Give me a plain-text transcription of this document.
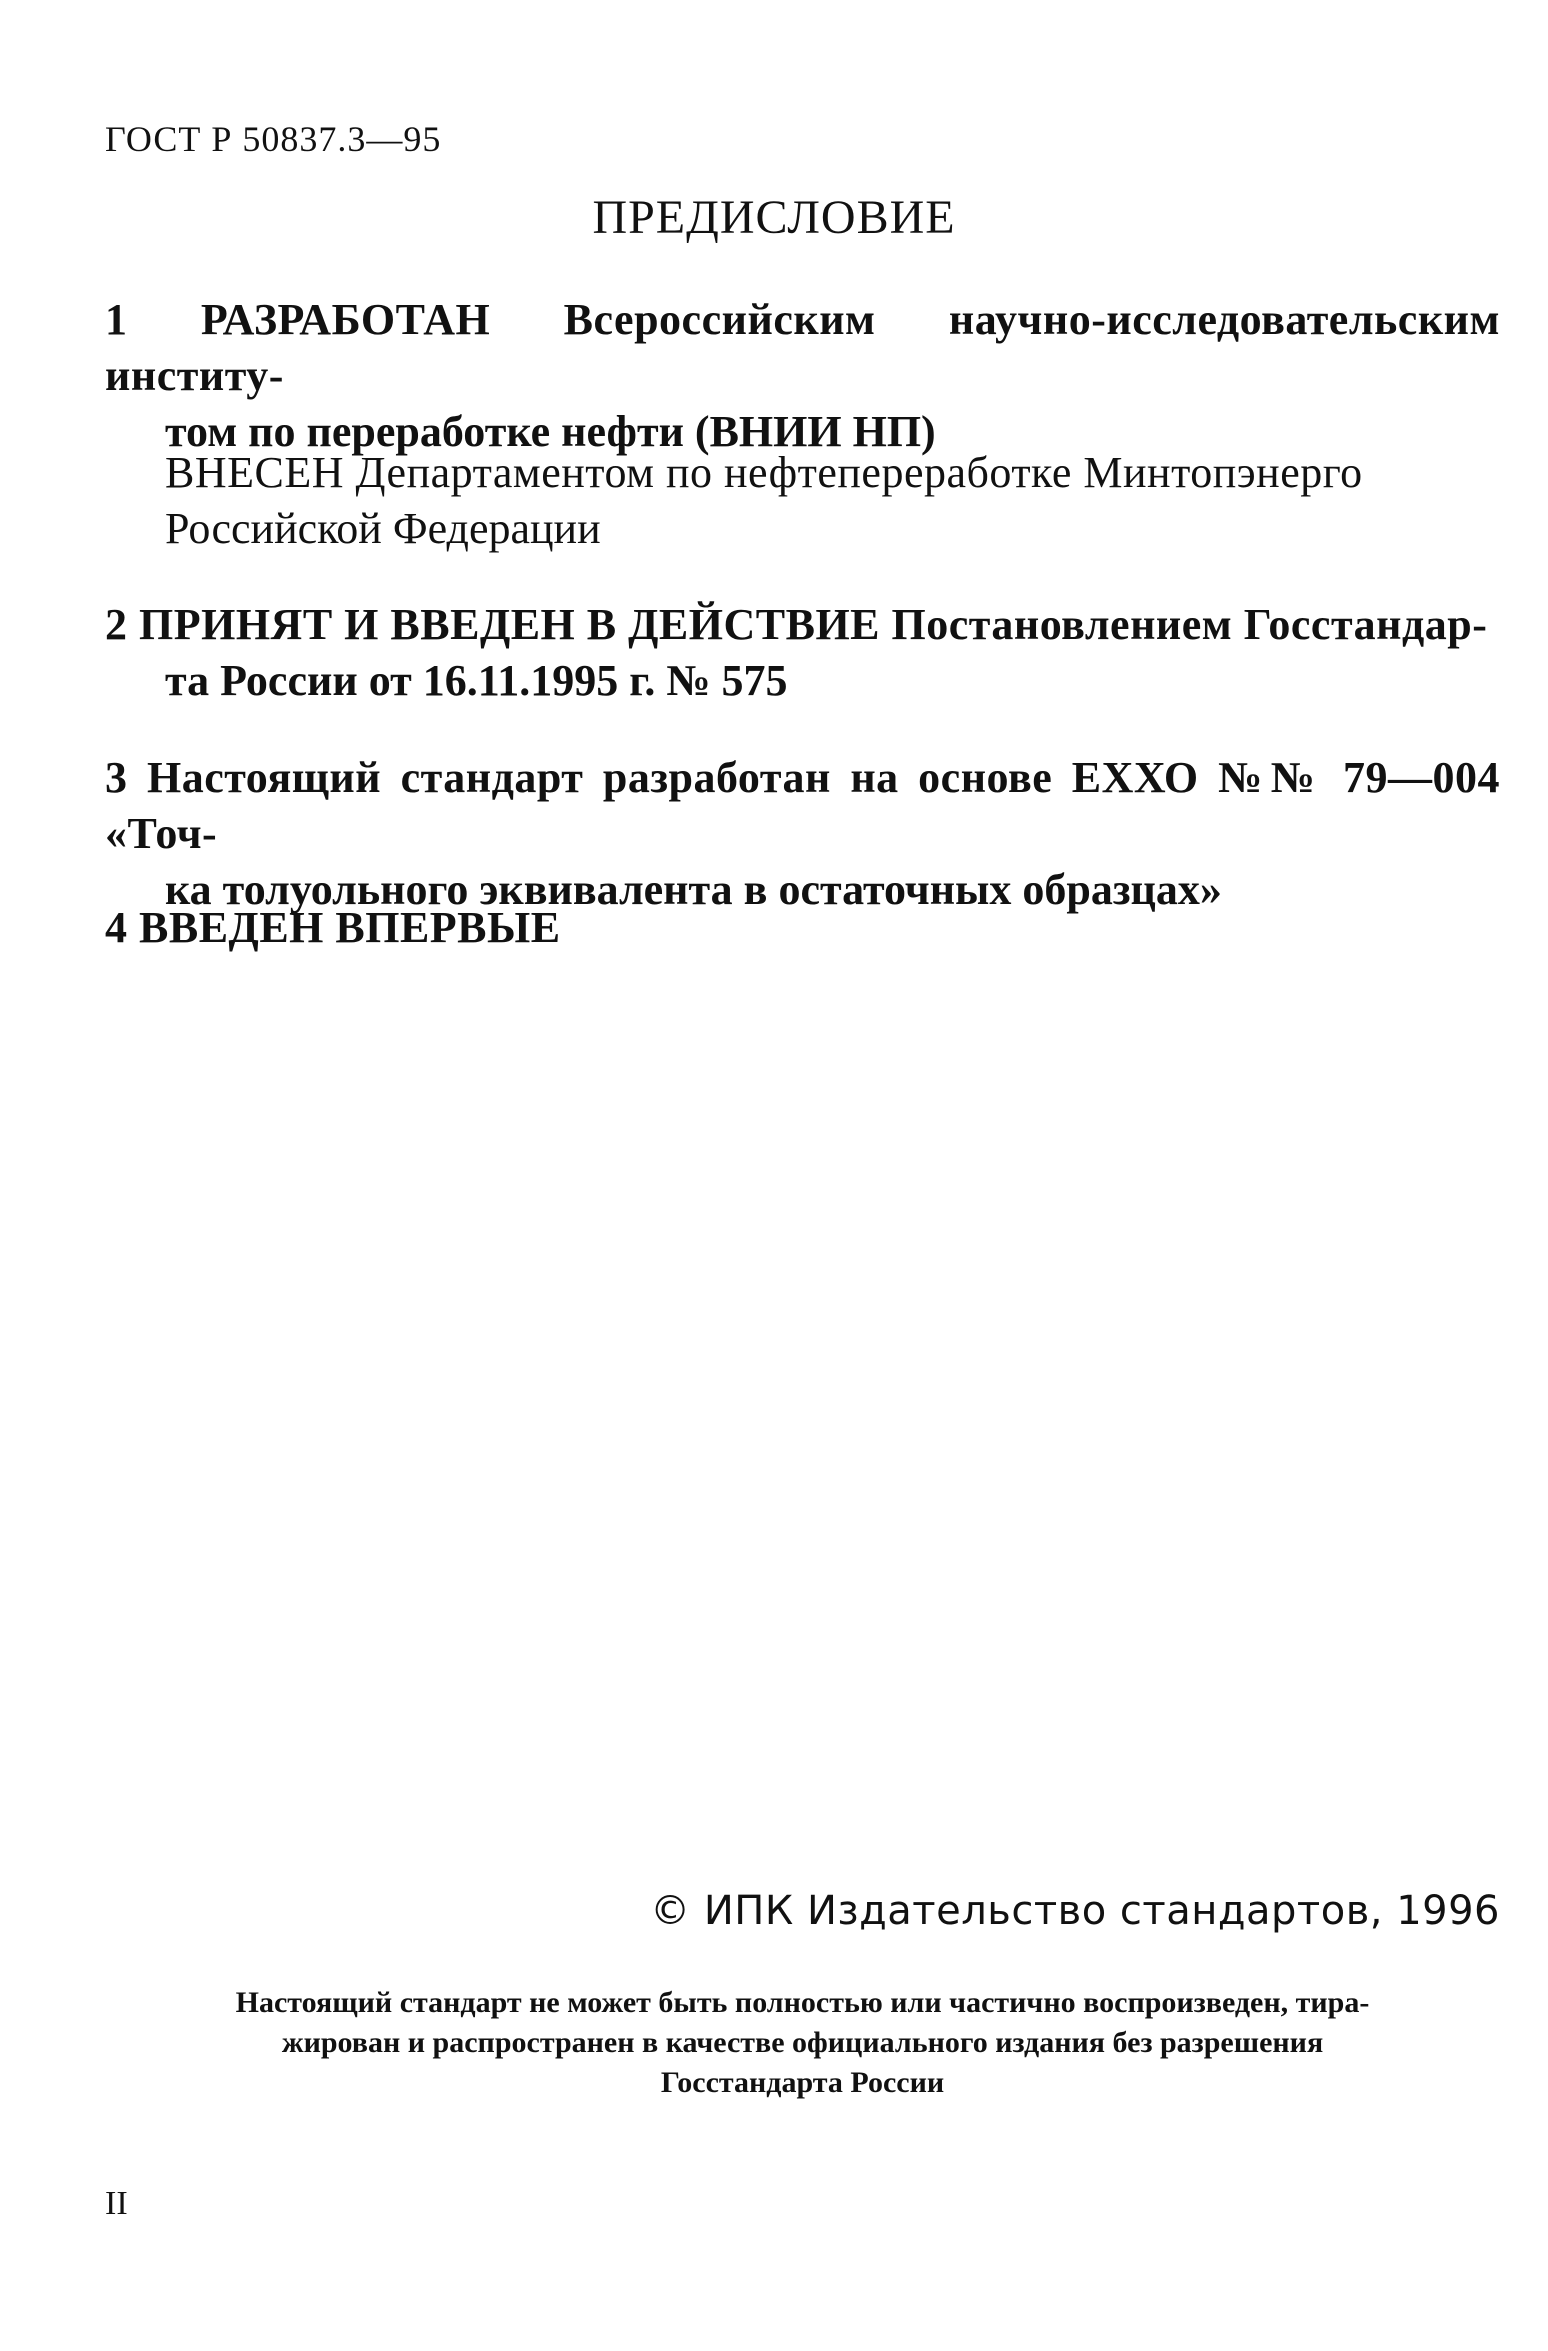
ГОСТ Р 50837.3—95
ПРЕДИСЛОВИЕ
1 РАЗРАБОТАН Всероссийским научно-исследовательским институ-
том по переработке нефти (ВНИИ НП)
ВНЕСЕН Департаментом по нефтепереработке Минтопэнерго
Российской Федерации
2 ПРИНЯТ И ВВЕДЕН В ДЕЙСТВИЕ Постановлением Госстандар-
та России от 16.11.1995 г. № 575
3 Настоящий стандарт разработан на основе ЕХХО №№ 79—004 «Точ-
ка толуольного эквивалента в остаточных образцах»
4 ВВЕДЕН ВПЕРВЫЕ
© ИПК Издательство стандартов, 1996
Настоящий стандарт не может быть полностью или частично воспроизведен, тира-
жирован и распространен в качестве официального издания без разрешения
Госстандарта России
II
